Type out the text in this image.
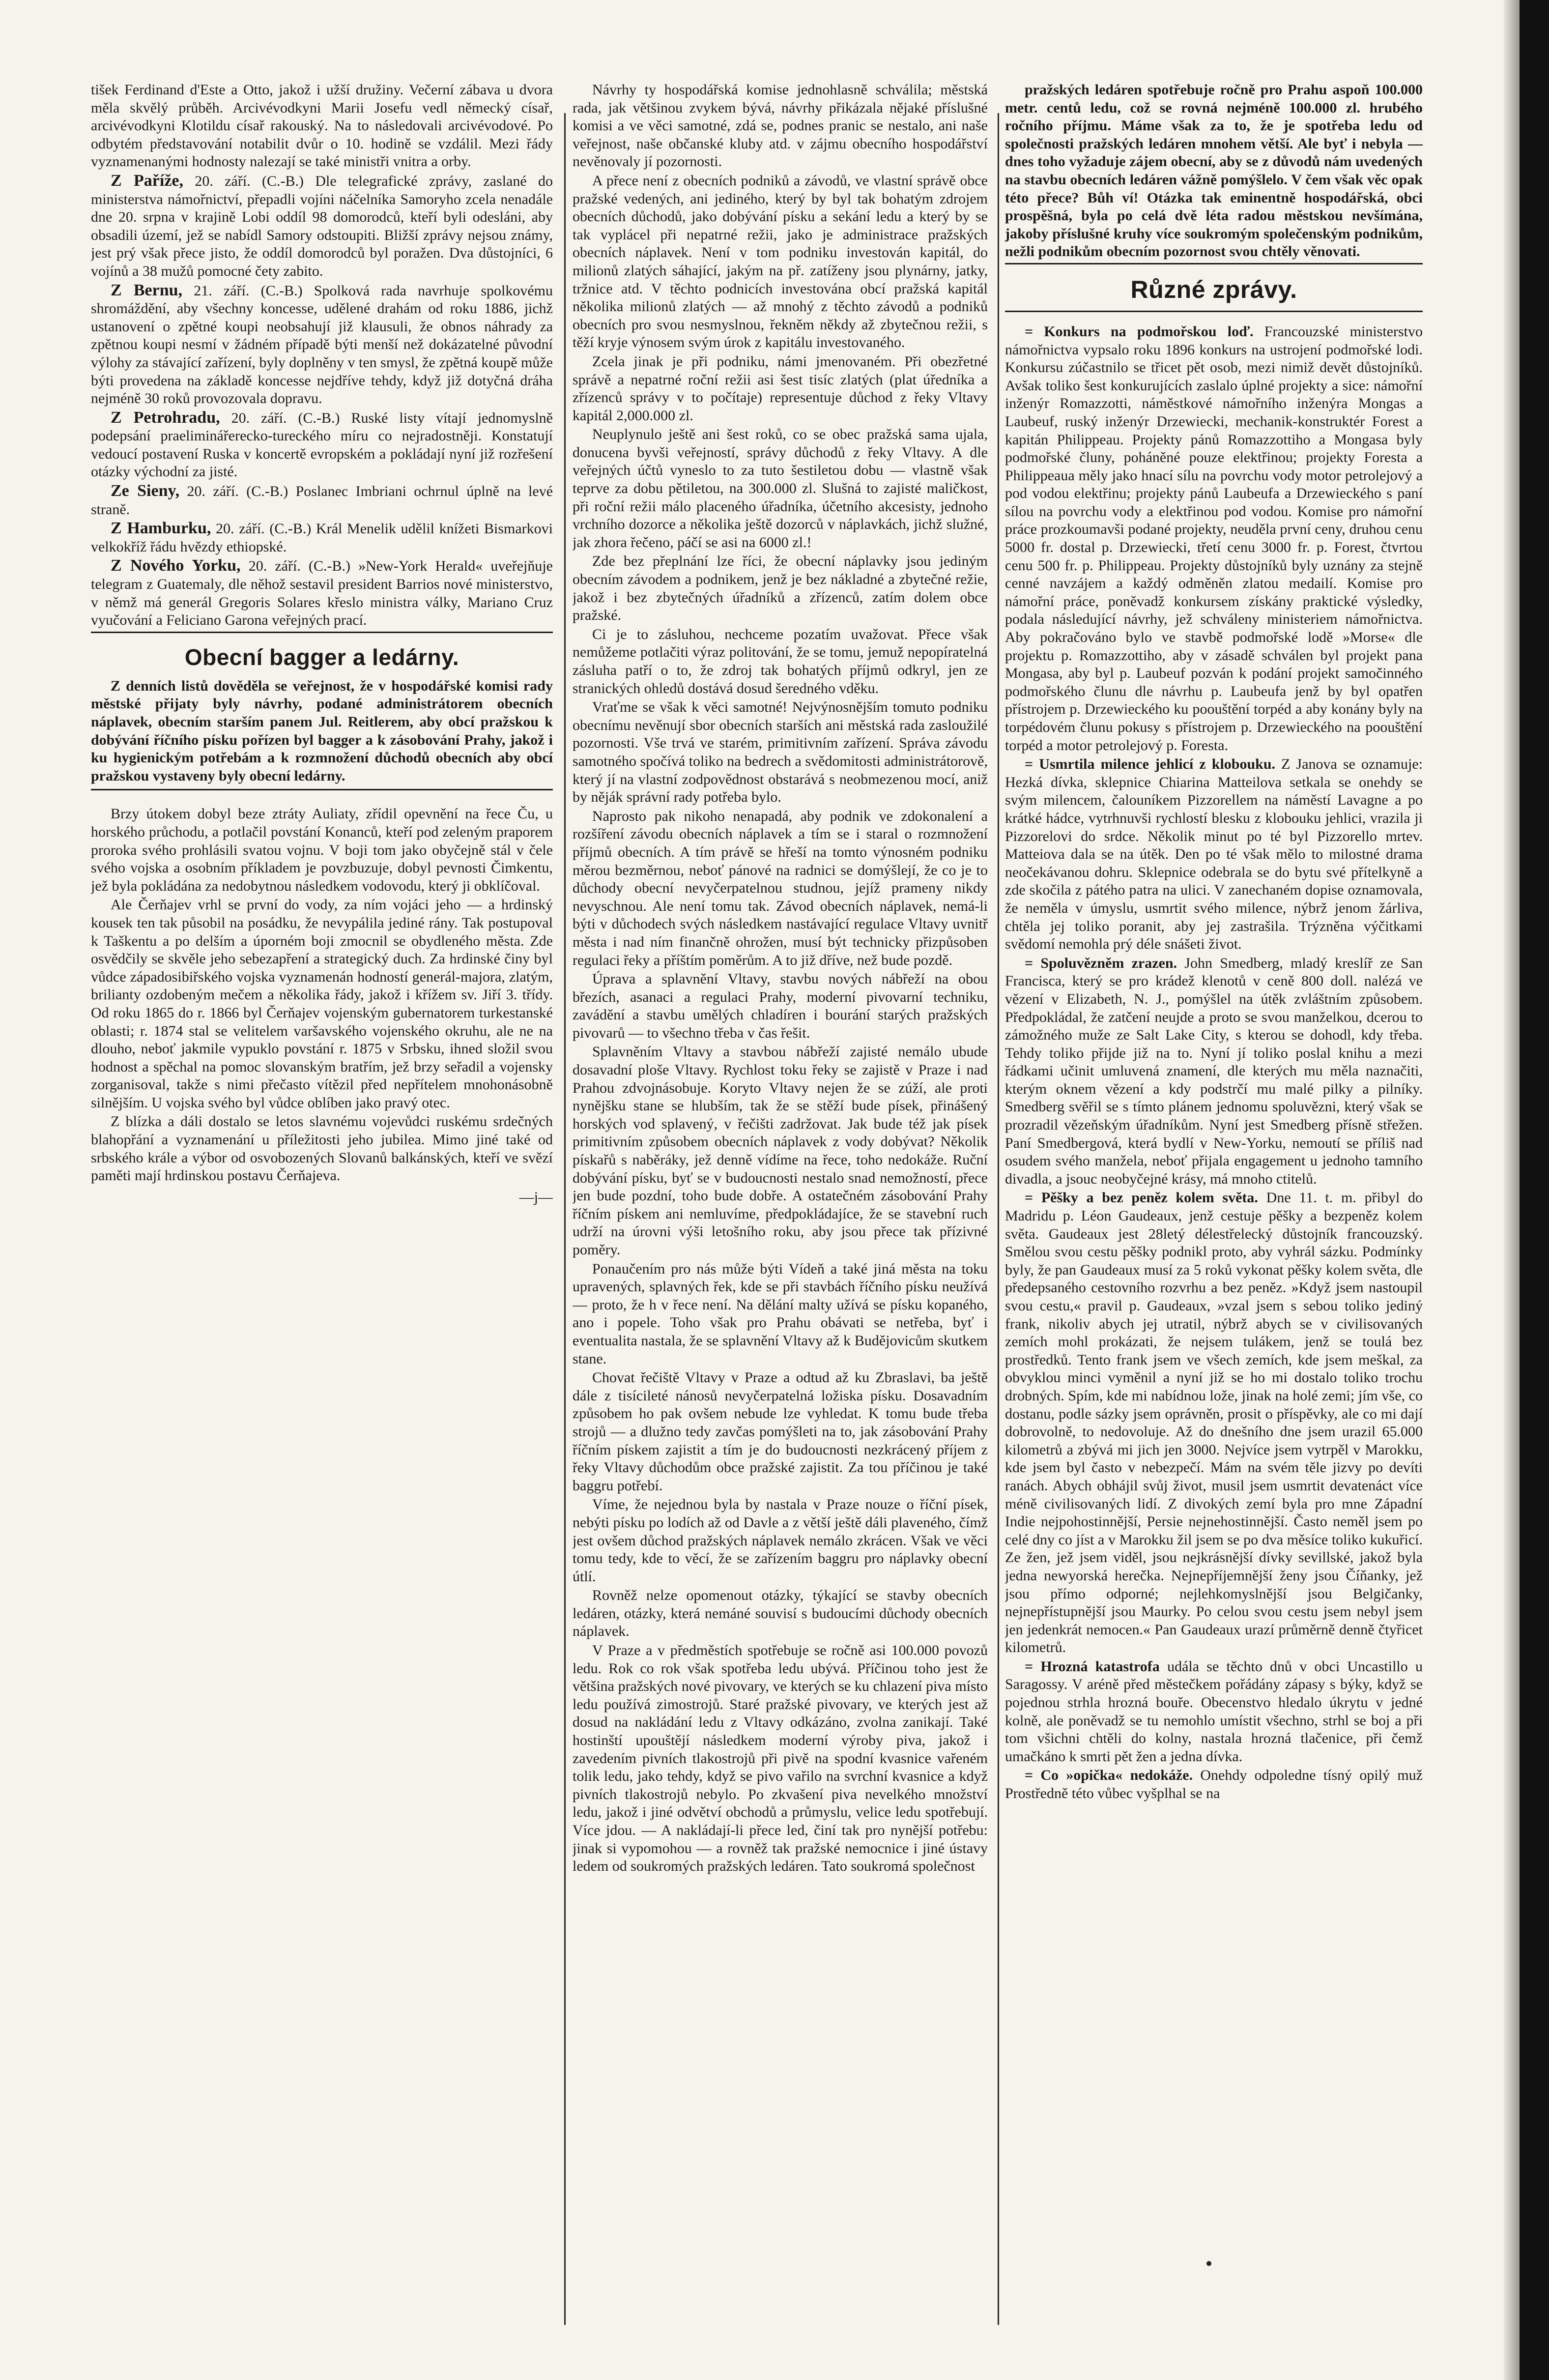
tišek Ferdinand d'Este a Otto, jakož i užší družiny. Večerní zábava u dvora měla skvělý průběh. Arcivévodkyni Marii Josefu vedl německý císař, arcivévodkyni Klotildu císař rakouský. Na to následovali arcivévodové. Po odbytém představování notabilit dvůr o 10. hodině se vzdálil. Mezi řády vyznamenanými hodnosty nalezají se také ministři vnitra a orby.

Z Paříže, 20. září. (C.-B.) Dle telegrafické zprávy, zaslané do ministerstva námořnictví, přepadli vojíni náčelníka Samoryho zcela nenadále dne 20. srpna v krajině Lobi oddíl 98 domorodců, kteří byli odesláni, aby obsadili území, jež se nabídl Samory odstoupiti. Bližší zprávy nejsou známy, jest prý však přece jisto, že oddíl domorodců byl poražen. Dva důstojníci, 6 vojínů a 38 mužů pomocné čety zabito.

Z Bernu, 21. září. (C.-B.) Spolková rada navrhuje spolkovému shromáždění, aby všechny koncesse, udělené drahám od roku 1886, jichž ustanovení o zpětné koupi neobsahují již klausuli, že obnos náhrady za zpětnou koupi nesmí v žádném případě býti menší než dokázatelné původní výlohy za stávající zařízení, byly doplněny v ten smysl, že zpětná koupě může býti provedena na základě koncesse nejdříve tehdy, když již dotyčná dráha nejméně 30 roků provozovala dopravu.

Z Petrohradu, 20. září. (C.-B.) Ruské listy vítají jednomyslně podepsání praeliminářerecko-tureckého míru co nejradostněji. Konstatují vedoucí postavení Ruska v koncertě evropském a pokládají nyní již rozřešení otázky východní za jisté.

Ze Sieny, 20. září. (C.-B.) Poslanec Imbriani ochrnul úplně na levé straně.

Z Hamburku, 20. září. (C.-B.) Král Menelik udělil knížeti Bismarkovi velkokříž řádu hvězdy ethiopské.

Z Nového Yorku, 20. září. (C.-B.) »New-York Herald« uveřejňuje telegram z Guatemaly, dle něhož sestavil president Barrios nové ministerstvo, v němž má generál Gregoris Solares křeslo ministra války, Mariano Cruz vyučování a Feliciano Garona veřejných prací.

Obecní bagger a ledárny.

Z denních listů dověděla se veřejnost, že v hospodářské komisi rady městské přijaty byly návrhy, podané administrátorem obecních náplavek, obecním starším panem Jul. Reitlerem, aby obcí pražskou k dobývání říčního písku pořízen byl bagger a k zásobování Prahy, jakož i ku hygienickým potřebám a k rozmnožení důchodů obecních aby obcí pražskou vystaveny byly obecní ledárny.

Brzy útokem dobyl beze ztráty Auliaty, zřídil opevnění na řece Ču, u horského průchodu, a potlačil povstání Konanců, kteří pod zeleným praporem proroka svého prohlásili svatou vojnu. V boji tom jako obyčejně stál v čele svého vojska a osobním příkladem je povzbuzuje, dobyl pevnosti Čimkentu, jež byla pokládána za nedobytnou následkem vodovodu, který ji obklíčoval.

Ale Čerňajev vrhl se první do vody, za ním vojáci jeho — a hrdinský kousek ten tak působil na posádku, že nevypálila jediné rány. Tak postupoval k Taškentu a po delším a úporném boji zmocnil se obydleného města. Zde osvědčily se skvěle jeho sebezapření a strategický duch. Za hrdinské činy byl vůdce západosibiřského vojska vyznamenán hodností generál-majora, zlatým, brilianty ozdobeným mečem a několika řády, jakož i křížem sv. Jiří 3. třídy. Od roku 1865 do r. 1866 byl Čerňajev vojenským gubernatorem turkestanské oblasti; r. 1874 stal se velitelem varšavského vojenského okruhu, ale ne na dlouho, neboť jakmile vypuklo povstání r. 1875 v Srbsku, ihned složil svou hodnost a spěchal na pomoc slovanským bratřím, jež brzy seřadil a vojensky zorganisoval, takže s nimi přečasto vítězil před nepřítelem mnohonásobně silnějším. U vojska svého byl vůdce oblíben jako pravý otec.

Z blízka a dáli dostalo se letos slavnému vojevůdci ruskému srdečných blahopřání a vyznamenání u příležitosti jeho jubilea. Mimo jiné také od srbského krále a výbor od osvobozených Slovanů balkánských, kteří ve svězí paměti mají hrdinskou postavu Čerňajeva.

—j—

Návrhy ty hospodářská komise jednohlasně schválila; městská rada, jak většinou zvykem bývá, návrhy přikázala nějaké příslušné komisi a ve věci samotné, zdá se, podnes pranic se nestalo, ani naše veřejnost, naše občanské kluby atd. v zájmu obecního hospodářství nevěnovaly jí pozornosti.

A přece není z obecních podniků a závodů, ve vlastní správě obce pražské vedených, ani jediného, který by byl tak bohatým zdrojem obecních důchodů, jako dobývání písku a sekání ledu a který by se tak vyplácel při nepatrné režii, jako je administrace pražských obecních náplavek. Není v tom podniku investován kapitál, do milionů zlatých sáhající, jakým na př. zatíženy jsou plynárny, jatky, tržnice atd. V těchto podnicích investována obcí pražská kapitál několika milionů zlatých — až mnohý z těchto závodů a podniků obecních pro svou nesmyslnou, řekněm někdy až zbytečnou režii, s těží kryje výnosem svým úrok z kapitálu investovaného.

Zcela jinak je při podniku, námi jmenovaném. Při obezřetné správě a nepatrné roční režii asi šest tisíc zlatých (plat úředníka a zřízenců správy v to počítaje) representuje důchod z řeky Vltavy kapitál 2,000.000 zl.

Neuplynulo ještě ani šest roků, co se obec pražská sama ujala, donucena byvši veřejností, správy důchodů z řeky Vltavy. A dle veřejných účtů vyneslo to za tuto šestiletou dobu — vlastně však teprve za dobu pětiletou, na 300.000 zl. Slušná to zajisté maličkost, při roční režii málo placeného úřadníka, účetního akcesisty, jednoho vrchního dozorce a několika ještě dozorců v náplavkách, jichž služné, jak zhora řečeno, páčí se asi na 6000 zl.!

Zde bez přeplnání lze říci, že obecní náplavky jsou jediným obecním závodem a podnikem, jenž je bez nákladné a zbytečné režie, jakož i bez zbytečných úřadníků a zřízenců, zatím dolem obce pražské.

Ci je to zásluhou, nechceme pozatím uvažovat. Přece však nemůžeme potlačiti výraz politování, že se tomu, jemuž nepopíratelná zásluha patří o to, že zdroj tak bohatých příjmů odkryl, jen ze stranických ohledů dostává dosud šeredného vděku.

Vraťme se však k věci samotné! Nejvýnosnějším tomuto podniku obecnímu nevěnují sbor obecních starších ani městská rada zasloužilé pozornosti. Vše trvá ve starém, primitivním zařízení. Správa závodu samotného spočívá toliko na bedrech a svědomitosti administrátorově, který jí na vlastní zodpovědnost obstarává s neobmezenou mocí, aniž by něják správní rady potřeba bylo.

Naprosto pak nikoho nenapadá, aby podnik ve zdokonalení a rozšíření závodu obecních náplavek a tím se i staral o rozmnožení příjmů obecních. A tím právě se hřeší na tomto výnosném podniku měrou bezměrnou, neboť pánové na radnici se domýšlejí, že co je to důchody obecní nevyčerpatelnou studnou, jejíž prameny nikdy nevyschnou. Ale není tomu tak. Závod obecních náplavek, nemá-li býti v důchodech svých následkem nastávající regulace Vltavy uvnitř města i nad ním finančně ohrožen, musí být technicky přizpůsoben regulaci řeky a příštím poměrům. A to již dříve, než bude pozdě.

Úprava a splavnění Vltavy, stavbu nových nábřeží na obou březích, asanaci a regulaci Prahy, moderní pivovarní techniku, zavádění a stavbu umělých chladíren i bourání starých pražských pivovarů — to všechno třeba v čas řešit.

Splavněním Vltavy a stavbou nábřeží zajisté nemálo ubude dosavadní ploše Vltavy. Rychlost toku řeky se zajistě v Praze i nad Prahou zdvojnásobuje. Koryto Vltavy nejen že se zúží, ale proti nynějšku stane se hlubším, tak že se stěží bude písek, přinášený horských vod splavený, v řečišti zadržovat. Jak bude též jak písek primitivním způsobem obecních náplavek z vody dobývat? Několik pískařů s naběráky, jež denně vídíme na řece, toho nedokáže. Ruční dobývání písku, byť se v budoucnosti nestalo snad nemožností, přece jen bude pozdní, toho bude dobře. A ostatečném zásobování Prahy říčním pískem ani nemluvíme, předpokládajíce, že se stavební ruch udrží na úrovni výši letošního roku, aby jsou přece tak přízivné poměry.

Ponaučením pro nás může býti Vídeň a také jiná města na toku upravených, splavných řek, kde se při stavbách říčního písku neužívá — proto, že h v řece není. Na dělání malty užívá se písku kopaného, ano i popele. Toho však pro Prahu obávati se netřeba, byť i eventualita nastala, že se splavnění Vltavy až k Budějovicům skutkem stane.

Chovat řečiště Vltavy v Praze a odtud až ku Zbraslavi, ba ještě dále z tisícileté nánosů nevyčerpatelná ložiska písku. Dosavadním způsobem ho pak ovšem nebude lze vyhledat. K tomu bude třeba strojů — a dlužno tedy zavčas pomýšleti na to, jak zásobování Prahy říčním pískem zajistit a tím je do budoucnosti nezkrácený příjem z řeky Vltavy důchodům obce pražské zajistit. Za tou příčinou je také baggru potřebí.

Víme, že nejednou byla by nastala v Praze nouze o říční písek, nebýti písku po lodích až od Davle a z větší ještě dáli plaveného, čímž jest ovšem důchod pražských náplavek nemálo zkrácen. Však ve věci tomu tedy, kde to věcí, že se zařízením baggru pro náplavky obecní útlí.

Rovněž nelze opomenout otázky, týkající se stavby obecních ledáren, otázky, která nemáné souvisí s budoucími důchody obecních náplavek.

V Praze a v předměstích spotřebuje se ročně asi 100.000 povozů ledu. Rok co rok však spotřeba ledu ubývá. Příčinou toho jest že většina pražských nové pivovary, ve kterých se ku chlazení piva místo ledu používá zimostrojů. Staré pražské pivovary, ve kterých jest až dosud na nakládání ledu z Vltavy odkázáno, zvolna zanikají. Také hostinští upouštějí následkem moderní výroby piva, jakož i zavedením pivních tlakostrojů při pivě na spodní kvasnice vařeném tolik ledu, jako tehdy, když se pivo vařilo na svrchní kvasnice a když pivních tlakostrojů nebylo. Po zkvašení piva nevelkého množství ledu, jakož i jiné odvětví obchodů a průmyslu, velice ledu spotřebují. Více jdou. — A nakládají-li přece led, činí tak pro nynější potřebu: jinak si vypomohou — a rovněž tak pražské nemocnice i jiné ústavy ledem od soukromých pražských ledáren. Tato soukromá společnost

pražských ledáren spotřebuje ročně pro Prahu aspoň 100.000 metr. centů ledu, což se rovná nejméně 100.000 zl. hrubého ročního příjmu. Máme však za to, že je spotřeba ledu od společnosti pražských ledáren mnohem větší. Ale byť i nebyla — dnes toho vyžaduje zájem obecní, aby se z důvodů nám uvedených na stavbu obecních ledáren vážně pomýšlelo. V čem však věc opak této přece? Bůh ví! Otázka tak eminentně hospodářská, obci prospěšná, byla po celá dvě léta radou městskou nevšímána, jakoby příslušné kruhy více soukromým společenským podnikům, nežli podnikům obecním pozornost svou chtěly věnovati.

Různé zprávy.

= Konkurs na podmořskou loď. Francouzské ministerstvo námořnictva vypsalo roku 1896 konkurs na ustrojení podmořské lodi. Konkursu zúčastnilo se třicet pět osob, mezi nimiž devět důstojníků. Avšak toliko šest konkurujících zaslalo úplné projekty a sice: námořní inženýr Romazzotti, náměstkové námořního inženýra Mongas a Laubeuf, ruský inženýr Drzewiecki, mechanik-konstruktér Forest a kapitán Philippeau. Projekty pánů Romazzottiho a Mongasa byly podmořské čluny, poháněné pouze elektřinou; projekty Foresta a Philippeaua měly jako hnací sílu na povrchu vody motor petrolejový a pod vodou elektřinu; projekty pánů Laubeufa a Drzewieckého s paní sílou na povrchu vody a elektřinou pod vodou. Komise pro námořní práce prozkoumavši podané projekty, neuděla první ceny, druhou cenu 5000 fr. dostal p. Drzewiecki, třetí cenu 3000 fr. p. Forest, čtvrtou cenu 500 fr. p. Philippeau. Projekty důstojníků byly uznány za stejně cenné navzájem a každý odměněn zlatou medailí. Komise pro námořní práce, poněvadž konkursem získány praktické výsledky, podala následující návrhy, jež schváleny ministeriem námořnictva. Aby pokračováno bylo ve stavbě podmořské lodě »Morse« dle projektu p. Romazzottiho, aby v zásadě schválen byl projekt pana Mongasa, aby byl p. Laubeuf pozván k podání projekt samočinného podmořského člunu dle návrhu p. Laubeufa jenž by byl opatřen přístrojem p. Drzewieckého ku poouštění torpéd a aby konány byly na torpédovém člunu pokusy s přístrojem p. Drzewieckého na poouštění torpéd a motor petrolejový p. Foresta.

= Usmrtila milence jehlicí z klobouku. Z Janova se oznamuje: Hezká dívka, sklepnice Chiarina Matteilova setkala se onehdy se svým milencem, čalouníkem Pizzorellem na náměstí Lavagne a po krátké hádce, vytrhnuvši rychlostí blesku z klobouku jehlici, vrazila ji Pizzorelovi do srdce. Několik minut po té byl Pizzorello mrtev. Matteiova dala se na útěk. Den po té však mělo to milostné drama neočekávanou dohru. Sklepnice odebrala se do bytu své přítelkyně a zde skočila z pátého patra na ulici. V zanechaném dopise oznamovala, že neměla v úmyslu, usmrtit svého milence, nýbrž jenom žárliva, chtěla jej toliko poranit, aby jej zastrašila. Trýzněna výčitkami svědomí nemohla prý déle snášeti život.

= Spoluvězněm zrazen. John Smedberg, mladý kreslíř ze San Francisca, který se pro krádež klenotů v ceně 800 doll. nalézá ve vězení v Elizabeth, N. J., pomýšlel na útěk zvláštním způsobem. Předpokládal, že zatčení neujde a proto se svou manželkou, dcerou to zámožného muže ze Salt Lake City, s kterou se dohodl, kdy třeba. Tehdy toliko přijde již na to. Nyní jí toliko poslal knihu a mezi řádkami učinit umluvená znamení, dle kterých mu měla naznačiti, kterým oknem vězení a kdy podstrčí mu malé pilky a pilníky. Smedberg svěřil se s tímto plánem jednomu spoluvězni, který však se prozradil vězeňským úřadníkům. Nyní jest Smedberg přísně střežen. Paní Smedbergová, která bydlí v New-Yorku, nemoutí se příliš nad osudem svého manžela, neboť přijala engagement u jednoho tamního divadla, a jsouc neobyčejné krásy, má mnoho ctitelů.

= Pěšky a bez peněz kolem světa. Dne 11. t. m. přibyl do Madridu p. Léon Gaudeaux, jenž cestuje pěšky a bezpeněz kolem světa. Gaudeaux jest 28letý délestřelecký důstojník francouzský. Smělou svou cestu pěšky podnikl proto, aby vyhrál sázku. Podmínky byly, že pan Gaudeaux musí za 5 roků vykonat pěšky kolem světa, dle předepsaného cestovního rozvrhu a bez peněz. »Když jsem nastoupil svou cestu,« pravil p. Gaudeaux, »vzal jsem s sebou toliko jediný frank, nikoliv abych jej utratil, nýbrž abych se v civilisovaných zemích mohl prokázati, že nejsem tulákem, jenž se toulá bez prostředků. Tento frank jsem ve všech zemích, kde jsem meškal, za obvyklou minci vyměnil a nyní již se ho mi dostalo toliko trochu drobných. Spím, kde mi nabídnou lože, jinak na holé zemi; jím vše, co dostanu, podle sázky jsem oprávněn, prosit o příspěvky, ale co mi dají dobrovolně, to nedovoluje. Až do dnešního dne jsem urazil 65.000 kilometrů a zbývá mi jich jen 3000. Nejvíce jsem vytrpěl v Marokku, kde jsem byl často v nebezpečí. Mám na svém těle jizvy po devíti ranách. Abych obhájil svůj život, musil jsem usmrtit devatenáct více méně civilisovaných lidí. Z divokých zemí byla pro mne Západní Indie nejpohostinnější, Persie nejnehostinnější. Často neměl jsem po celé dny co jíst a v Marokku žil jsem se po dva měsíce toliko kukuřicí. Ze žen, jež jsem viděl, jsou nejkrásnější dívky sevillské, jakož byla jedna newyorská herečka. Nejnepříjemnější ženy jsou Číňanky, jež jsou přímo odporné; nejlehkomyslnější jsou Belgičanky, nejnepřístupnější jsou Maurky. Po celou svou cestu jsem nebyl jsem jen jedenkrát nemocen.« Pan Gaudeaux urazí průměrně denně čtyřicet kilometrů.

= Hrozná katastrofa udála se těchto dnů v obci Uncastillo u Saragossy. V aréně před městečkem pořádány zápasy s býky, když se pojednou strhla hrozná bouře. Obecenstvo hledalo úkrytu v jedné kolně, ale poněvadž se tu nemohlo umístit všechno, strhl se boj a při tom všichni chtěli do kolny, nastala hrozná tlačenice, při čemž umačkáno k smrti pět žen a jedna dívka.

= Co »opička« nedokáže. Onehdy odpoledne tísný opilý muž Prostředně této vůbec vyšplhal se na
